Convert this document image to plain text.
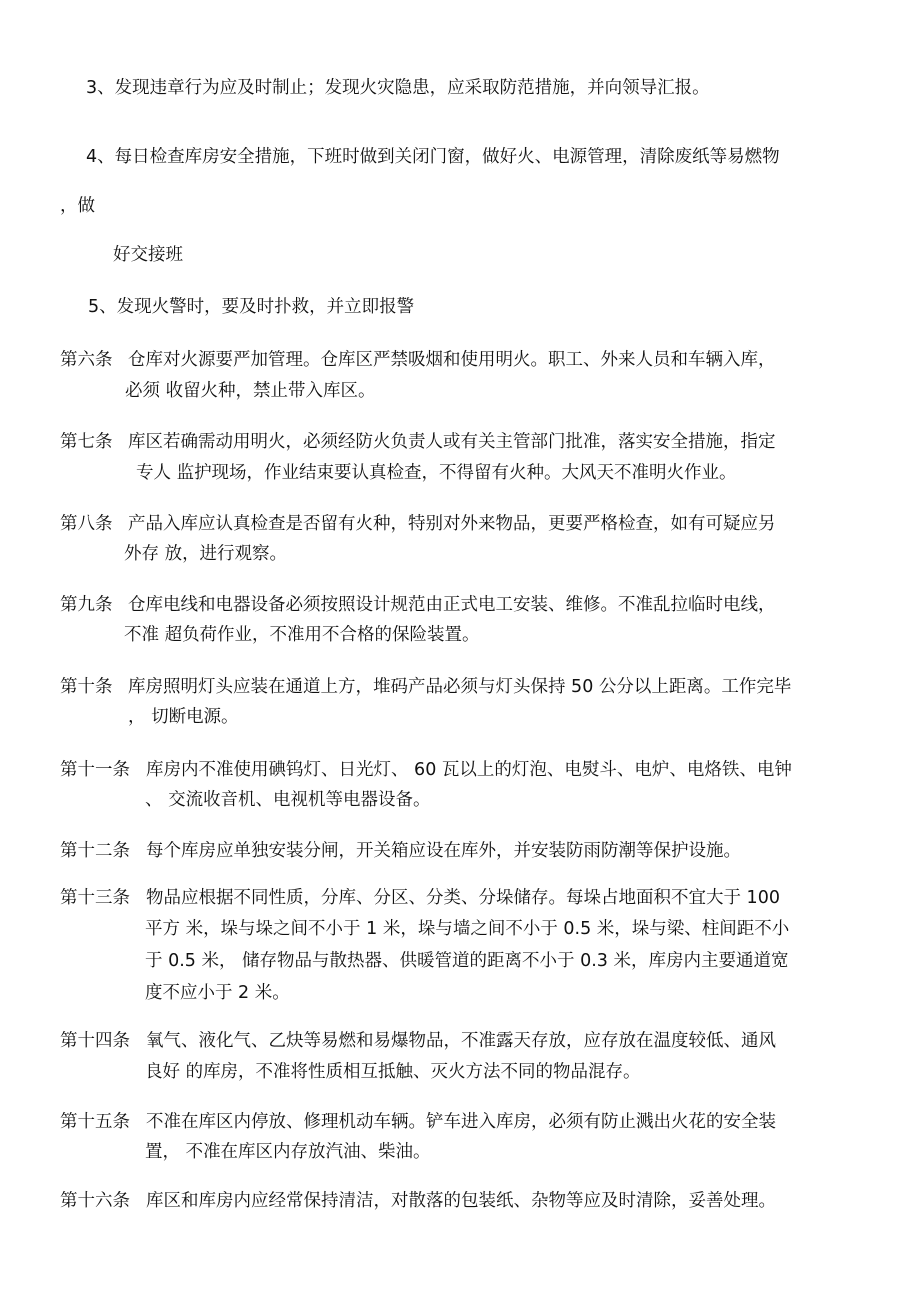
3、发现违章行为应及时制止；发现火灾隐患，应采取防范措施，并向领导汇报。
4、每日检查库房安全措施，下班时做到关闭门窗，做好火、电源管理，清除废纸等易燃物
，做
好交接班
5、发现火警时，要及时扑救，并立即报警
第六条 仓库对火源要严加管理。仓库区严禁吸烟和使用明火。职工、外来人员和车辆入库，
必须 收留火种，禁止带入库区。
第七条 库区若确需动用明火，必须经防火负责人或有关主管部门批准，落实安全措施，指定
专人 监护现场，作业结束要认真检查，不得留有火种。大风天不准明火作业。
第八条 产品入库应认真检查是否留有火种，特别对外来物品，更要严格检查，如有可疑应另
外存 放，进行观察。
第九条 仓库电线和电器设备必须按照设计规范由正式电工安装、维修。不准乱拉临时电线，
不准 超负荷作业，不准用不合格的保险装置。
第十条 库房照明灯头应装在通道上方，堆码产品必须与灯头保持 50 公分以上距离。工作完毕
， 切断电源。
第十一条 库房内不准使用碘钨灯、日光灯、 60 瓦以上的灯泡、电熨斗、电炉、电烙铁、电钟
、 交流收音机、电视机等电器设备。
第十二条 每个库房应单独安装分闸，开关箱应设在库外，并安装防雨防潮等保护设施。
第十三条 物品应根据不同性质，分库、分区、分类、分垛储存。每垛占地面积不宜大于 100
平方 米，垛与垛之间不小于 1 米，垛与墙之间不小于 0.5 米，垛与梁、柱间距不小
于 0.5 米， 储存物品与散热器、供暖管道的距离不小于 0.3 米，库房内主要通道宽
度不应小于 2 米。
第十四条 氧气、液化气、乙炔等易燃和易爆物品，不准露天存放，应存放在温度较低、通风
良好 的库房，不准将性质相互抵触、灭火方法不同的物品混存。
第十五条 不准在库区内停放、修理机动车辆。铲车进入库房，必须有防止溅出火花的安全装
置， 不准在库区内存放汽油、柴油。
第十六条 库区和库房内应经常保持清洁，对散落的包装纸、杂物等应及时清除，妥善处理。
